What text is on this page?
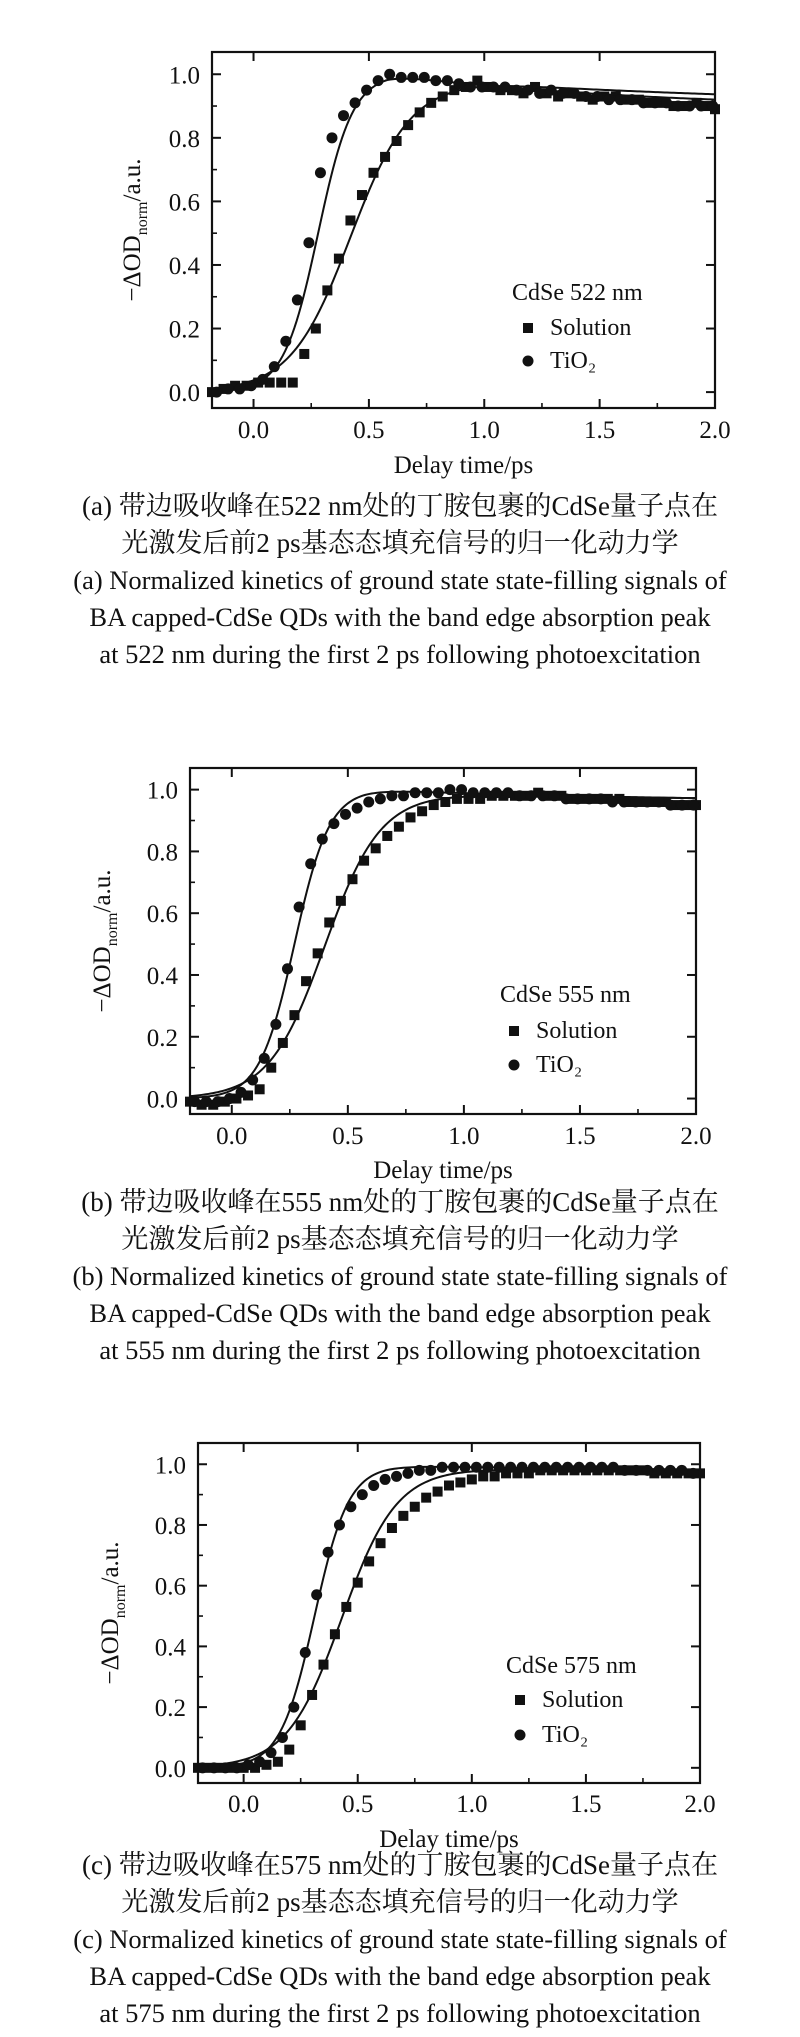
0.0	0.5	1.0	1.5	2.0
0.0
0.2
0.4
0.6
0.8
1.0
Delay time/ps
$-\Delta OD_{norm}/a.u$.
CdSe 522 nm
Solution
TiO₂
(a) 带边吸收峰在522 nm处的丁胺包裹的CdSe量子点在
光激发后前2 ps基态态填充信号的归一化动力学
(a) Normalized kinetics of ground state state-filling signals of
BA capped-CdSe QDs with the band edge absorption peak
at 522 nm during the first 2 ps following photoexcitation
0.0	0.5	1.0	1.5	2.0
0.0
0.2
0.4
0.6
0.8
1.0
Delay time/ps
$-\Delta OD_{norm}/a.u$.
CdSe 555 nm
Solution
TiO₂
(b) 带边吸收峰在555 nm处的丁胺包裹的CdSe量子点在
光激发后前2 ps基态态填充信号的归一化动力学
(b) Normalized kinetics of ground state state-filling signals of
BA capped-CdSe QDs with the band edge absorption peak
at 555 nm during the first 2 ps following photoexcitation
0.0	0.5	1.0	1.5	2.0
0.0
0.2
0.4
0.6
0.8
1.0
Delay time/ps
$-\Delta OD_{norm}/a.u$.
CdSe 575 nm
Solution
TiO₂
(c) 带边吸收峰在575 nm处的丁胺包裹的CdSe量子点在
光激发后前2 ps基态态填充信号的归一化动力学
(c) Normalized kinetics of ground state state-filling signals of
BA capped-CdSe QDs with the band edge absorption peak
at 575 nm during the first 2 ps following photoexcitation
